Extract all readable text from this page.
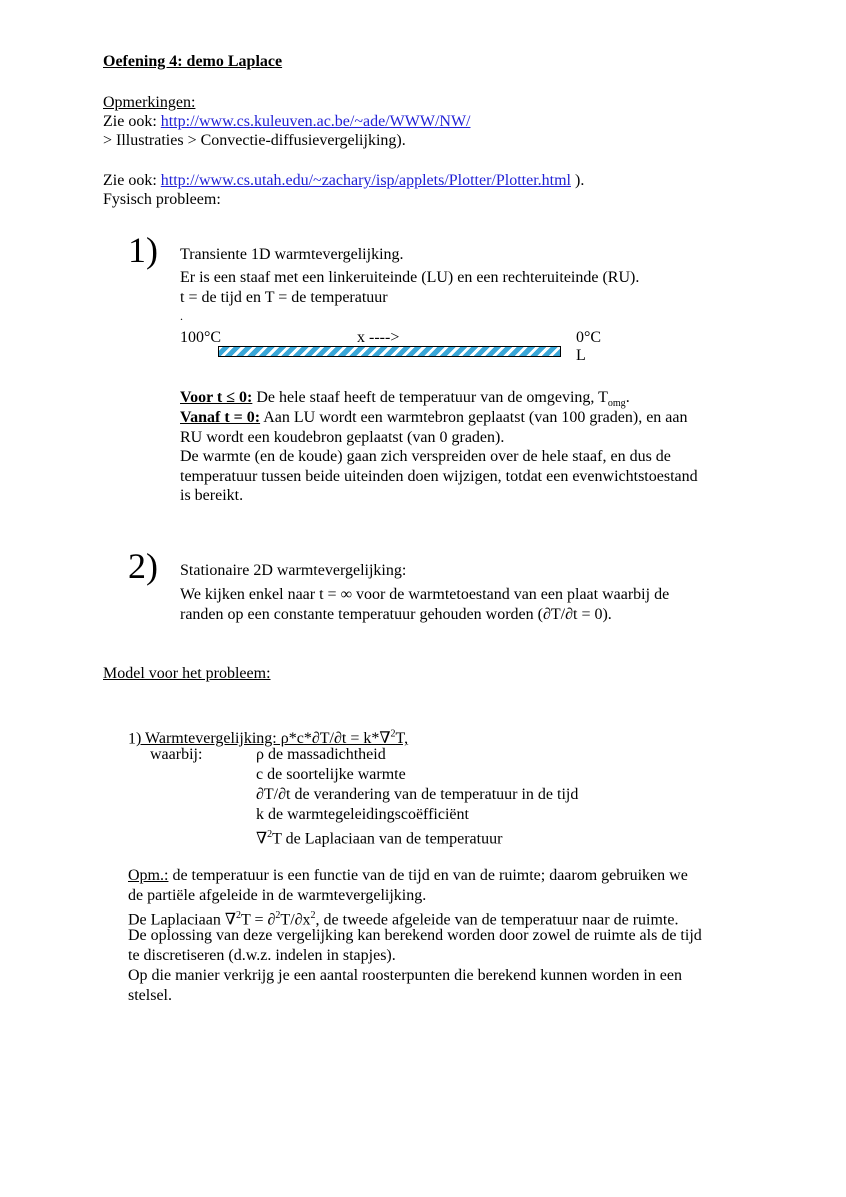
Oefening 4: demo Laplace
Opmerkingen:
Zie ook: http://www.cs.kuleuven.ac.be/~ade/WWW/NW/
> Illustraties > Convectie-diffusievergelijking).
Zie ook: http://www.cs.utah.edu/~zachary/isp/applets/Plotter/Plotter.html ).
Fysisch probleem:
1) Transiente 1D warmtevergelijking.
Er is een staaf met een linkeruiteinde (LU) en een rechteruiteinde (RU).
t = de tijd en T = de temperatuur
.
100°C	x ---->	0°C
L
Voor t ≤ 0: De hele staaf heeft de temperatuur van de omgeving, $T_{omg}$.
Vanaf t = 0: Aan LU wordt een warmtebron geplaatst (van 100 graden), en aan
RU wordt een koudebron geplaatst (van 0 graden).
De warmte (en de koude) gaan zich verspreiden over de hele staaf, en dus de
temperatuur tussen beide uiteinden doen wijzigen, totdat een evenwichtstoestand
is bereikt.
2) Stationaire 2D warmtevergelijking:
We kijken enkel naar t = ∞ voor de warmtetoestand van een plaat waarbij de
randen op een constante temperatuur gehouden worden (∂T/∂t = 0).
Model voor het probleem:
1) Warmtevergelijking: ρ*c*∂T/∂t = k*∇$^2$T,
waarbij:	ρ de massadichtheid
c de soortelijke warmte
∂T/∂t de verandering van de temperatuur in de tijd
k de warmtegeleidingscoëfficiënt
∇$^2$T de Laplaciaan van de temperatuur
Opm.: de temperatuur is een functie van de tijd en van de ruimte; daarom gebruiken we
de partiële afgeleide in de warmtevergelijking.
De Laplaciaan $\nabla^2T = \partial^2T/\partial x^2$, de tweede afgeleide van de temperatuur naar de ruimte.
De oplossing van deze vergelijking kan berekend worden door zowel de ruimte als de tijd
te discretiseren (d.w.z. indelen in stapjes).
Op die manier verkrijg je een aantal roosterpunten die berekend kunnen worden in een
stelsel.
